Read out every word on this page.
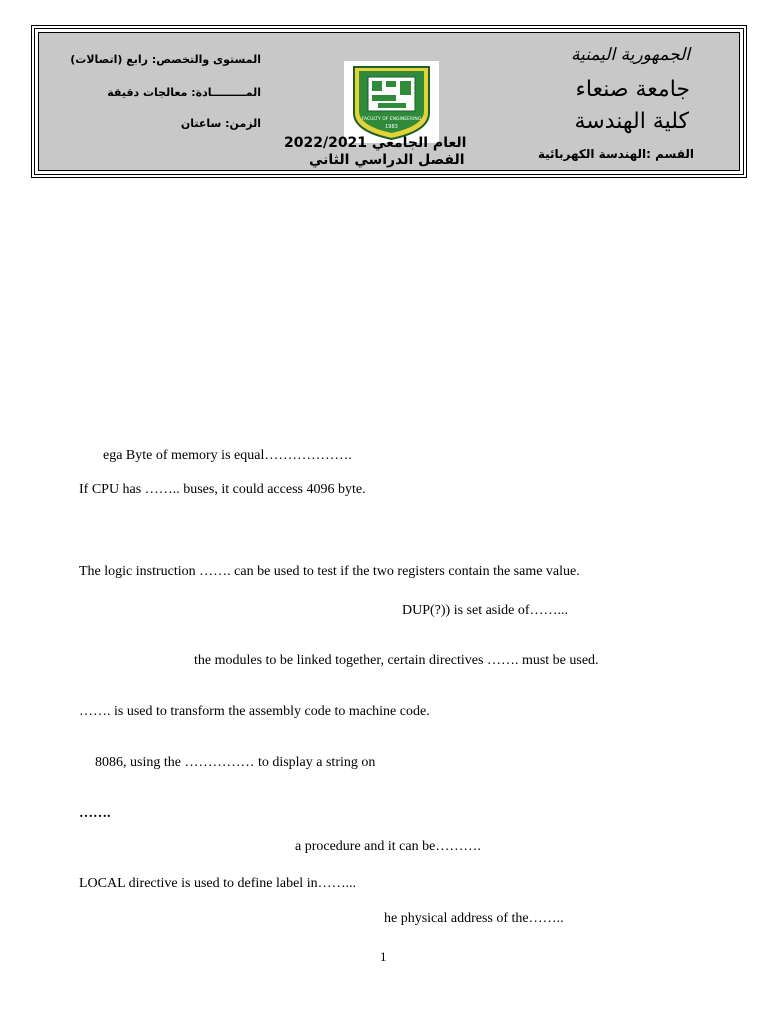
المستوى والتخصص: رابع (اتصالات)
المـــــــــادة: معالجات دقيقة
الزمن: ساعتان	FACULTY OF ENGINEERING
1983
العام الجامعي 2022/2021
الفصل الدراسي الثاني
الجمهورية اليمنية
جامعة صنعاء
كلية الهندسة
القسم :الهندسة الكهربائية
ega Byte of memory is equal……………….
If CPU has …….. buses, it could access 4096 byte.
The logic instruction ……. can be used to test if the two registers contain the same value.
DUP(?)) is set aside of……...
the modules to be linked together, certain directives ……. must be used.
……. is used to transform the assembly code to machine code.
8086, using the …………… to display a string on
…….
a procedure and it can be……….
LOCAL directive is used to define label in……...
he physical address of the……..
1
